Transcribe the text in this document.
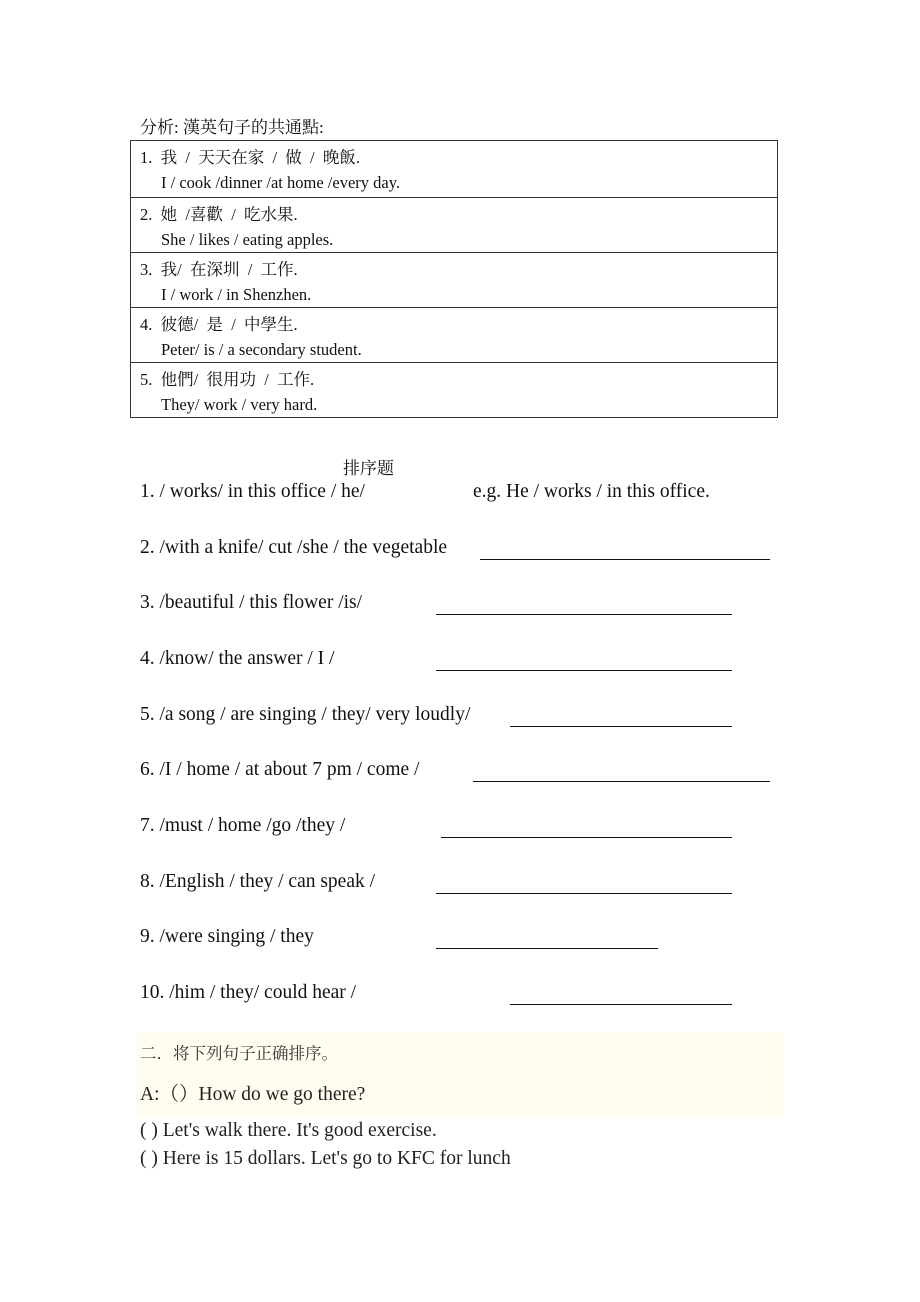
分析: 漢英句子的共通點:
1.  我  /  天天在家  /  做  /  晚飯.
I / cook /dinner /at home /every day.
2.  她  /喜歡  /  吃水果.
She / likes / eating apples.
3.  我/  在深圳  /  工作.
I / work / in Shenzhen.
4.  彼德/  是  /  中學生.
Peter/ is / a secondary student.
5.  他們/  很用功  /  工作.
They/ work / very hard.
排序题
e.g. He / works / in this office.
1. / works/ in this office / he/
2. /with a knife/ cut /she / the vegetable
3. /beautiful / this flower /is/
4. /know/ the answer / I /
5. /a song / are singing / they/ very loudly/
6. /I / home / at about 7 pm / come /
7. /must / home /go /they /
8. /English / they / can speak /
9. /were singing / they
10. /him / they/ could hear /
二．将下列句子正确排序。
A:（）How do we go there?
( ) Let's walk there. It's good exercise.
( ) Here is 15 dollars. Let's go to KFC for lunch
